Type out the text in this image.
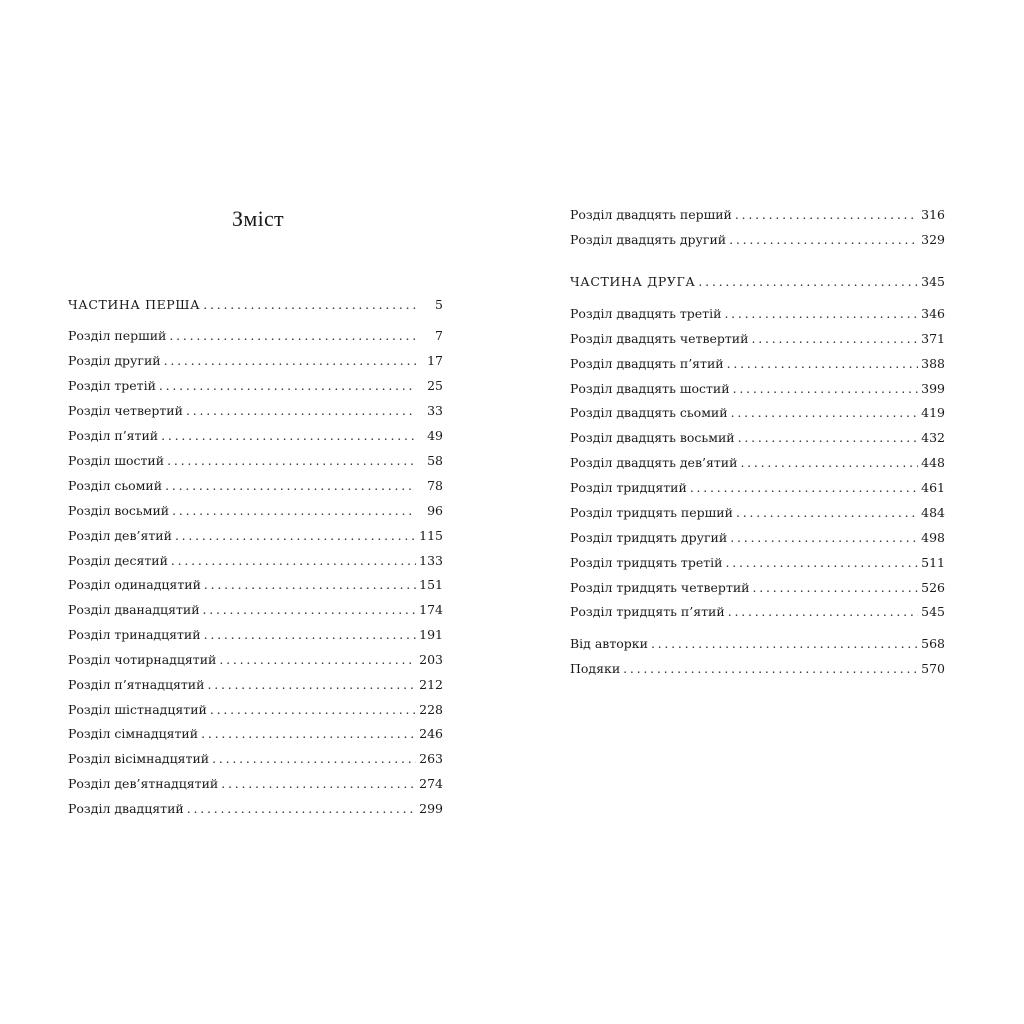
Зміст
ЧАСТИНА ПЕРША . . .	5
Розділ перший . . .	7
Розділ другий . . .	17
Розділ третій . . .	25
Розділ четвертий . . .	33
Розділ п’ятий . . .	49
Розділ шостий . . .	58
Розділ сьомий . . .	78
Розділ восьмий . . .	96
Розділ дев’ятий . . .	115
Розділ десятий . . .	133
Розділ одинадцятий . . .	151
Розділ дванадцятий . . .	174
Розділ тринадцятий . . .	191
Розділ чотирнадцятий . . .	203
Розділ п’ятнадцятий . . .	212
Розділ шістнадцятий . . .	228
Розділ сімнадцятий . . .	246
Розділ вісімнадцятий . . .	263
Розділ дев’ятнадцятий . . .	274
Розділ двадцятий . . .	299
Розділ двадцять перший . . .	316
Розділ двадцять другий . . .	329
ЧАСТИНА ДРУГА . . .	345
Розділ двадцять третій . . .	346
Розділ двадцять четвертий . . .	371
Розділ двадцять п’ятий . . .	388
Розділ двадцять шостий . . .	399
Розділ двадцять сьомий . . .	419
Розділ двадцять восьмий . . .	432
Розділ двадцять дев’ятий . . .	448
Розділ тридцятий . . .	461
Розділ тридцять перший . . .	484
Розділ тридцять другий . . .	498
Розділ тридцять третій . . .	511
Розділ тридцять четвертий . . .	526
Розділ тридцять п’ятий . . .	545
Від авторки . . .	568
Подяки . . .	570
